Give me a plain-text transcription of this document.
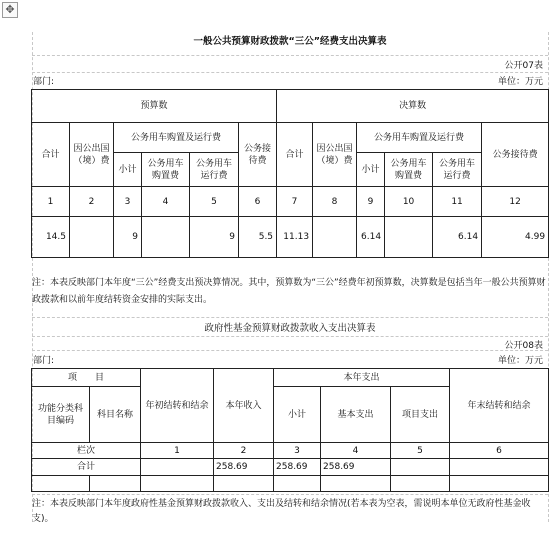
✥
一般公共预算财政拨款“三公”经费支出决算表
公开07表
部门:	单位：万元
预算数						决算数					
合计	因公出国（境）费	公务用车购置及运行费			公务接待费	合计	因公出国（境）费	公务用车购置及运行费			公务接待费
		小计	公务用车购置费	公务用车运行费				小计	公务用车购置费	公务用车运行费	
1	2	3	4	5	6	7	8	9	10	11	12
14.5		9		9	5.5	11.13		6.14		6.14	4.99
注：本表反映部门本年度“三公”经费支出预决算情况。其中，预算数为“三公”经费年初预算数，决算数是包括当年一般公共预算财政拨款和以前年度结转资金安排的实际支出。
政府性基金预算财政拨款收入支出决算表
公开08表
部门:	单位：万元
项　　目		年初结转和结余	本年收入	本年支出			年末结转和结余
功能分类科目编码	科目名称			小计	基本支出	项目支出	
栏次		1	2	3	4	5	6
合计			258.69	258.69	258.69		

注：本表反映部门本年度政府性基金预算财政拨款收入、支出及结转和结余情况(若本表为空表，需说明本单位无政府性基金收支)。
